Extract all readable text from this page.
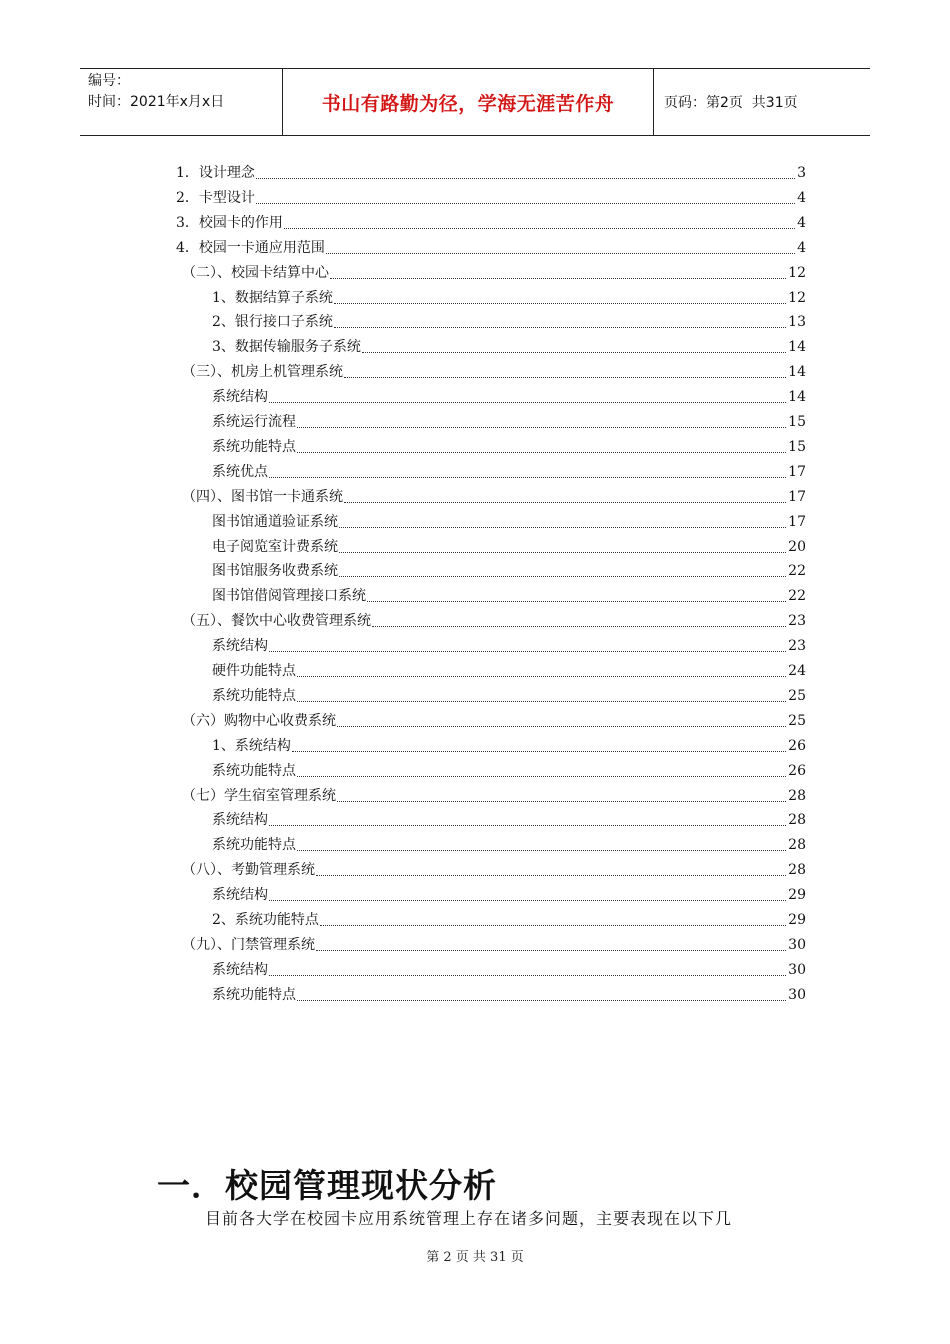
编号：
时间：2021年x月x日	书山有路勤为径，学海无涯苦作舟	页码：第2页  共31页
1．设计理念	3
2．卡型设计	4
3．校园卡的作用	4
4．校园一卡通应用范围	4
（二）、校园卡结算中心	12
1、数据结算子系统	12
2、银行接口子系统	13
3、数据传输服务子系统	14
（三）、机房上机管理系统	14
系统结构	14
系统运行流程	15
系统功能特点	15
系统优点	17
（四）、图书馆一卡通系统	17
图书馆通道验证系统	17
电子阅览室计费系统	20
图书馆服务收费系统	22
图书馆借阅管理接口系统	22
（五）、餐饮中心收费管理系统	23
系统结构	23
硬件功能特点	24
系统功能特点	25
（六）购物中心收费系统	25
1、系统结构	26
系统功能特点	26
（七）学生宿室管理系统	28
系统结构	28
系统功能特点	28
（八）、考勤管理系统	28
系统结构	29
2、系统功能特点	29
（九）、门禁管理系统	30
系统结构	30
系统功能特点	30
一．校园管理现状分析
目前各大学在校园卡应用系统管理上存在诸多问题，主要表现在以下几
第 2 页 共 31 页
